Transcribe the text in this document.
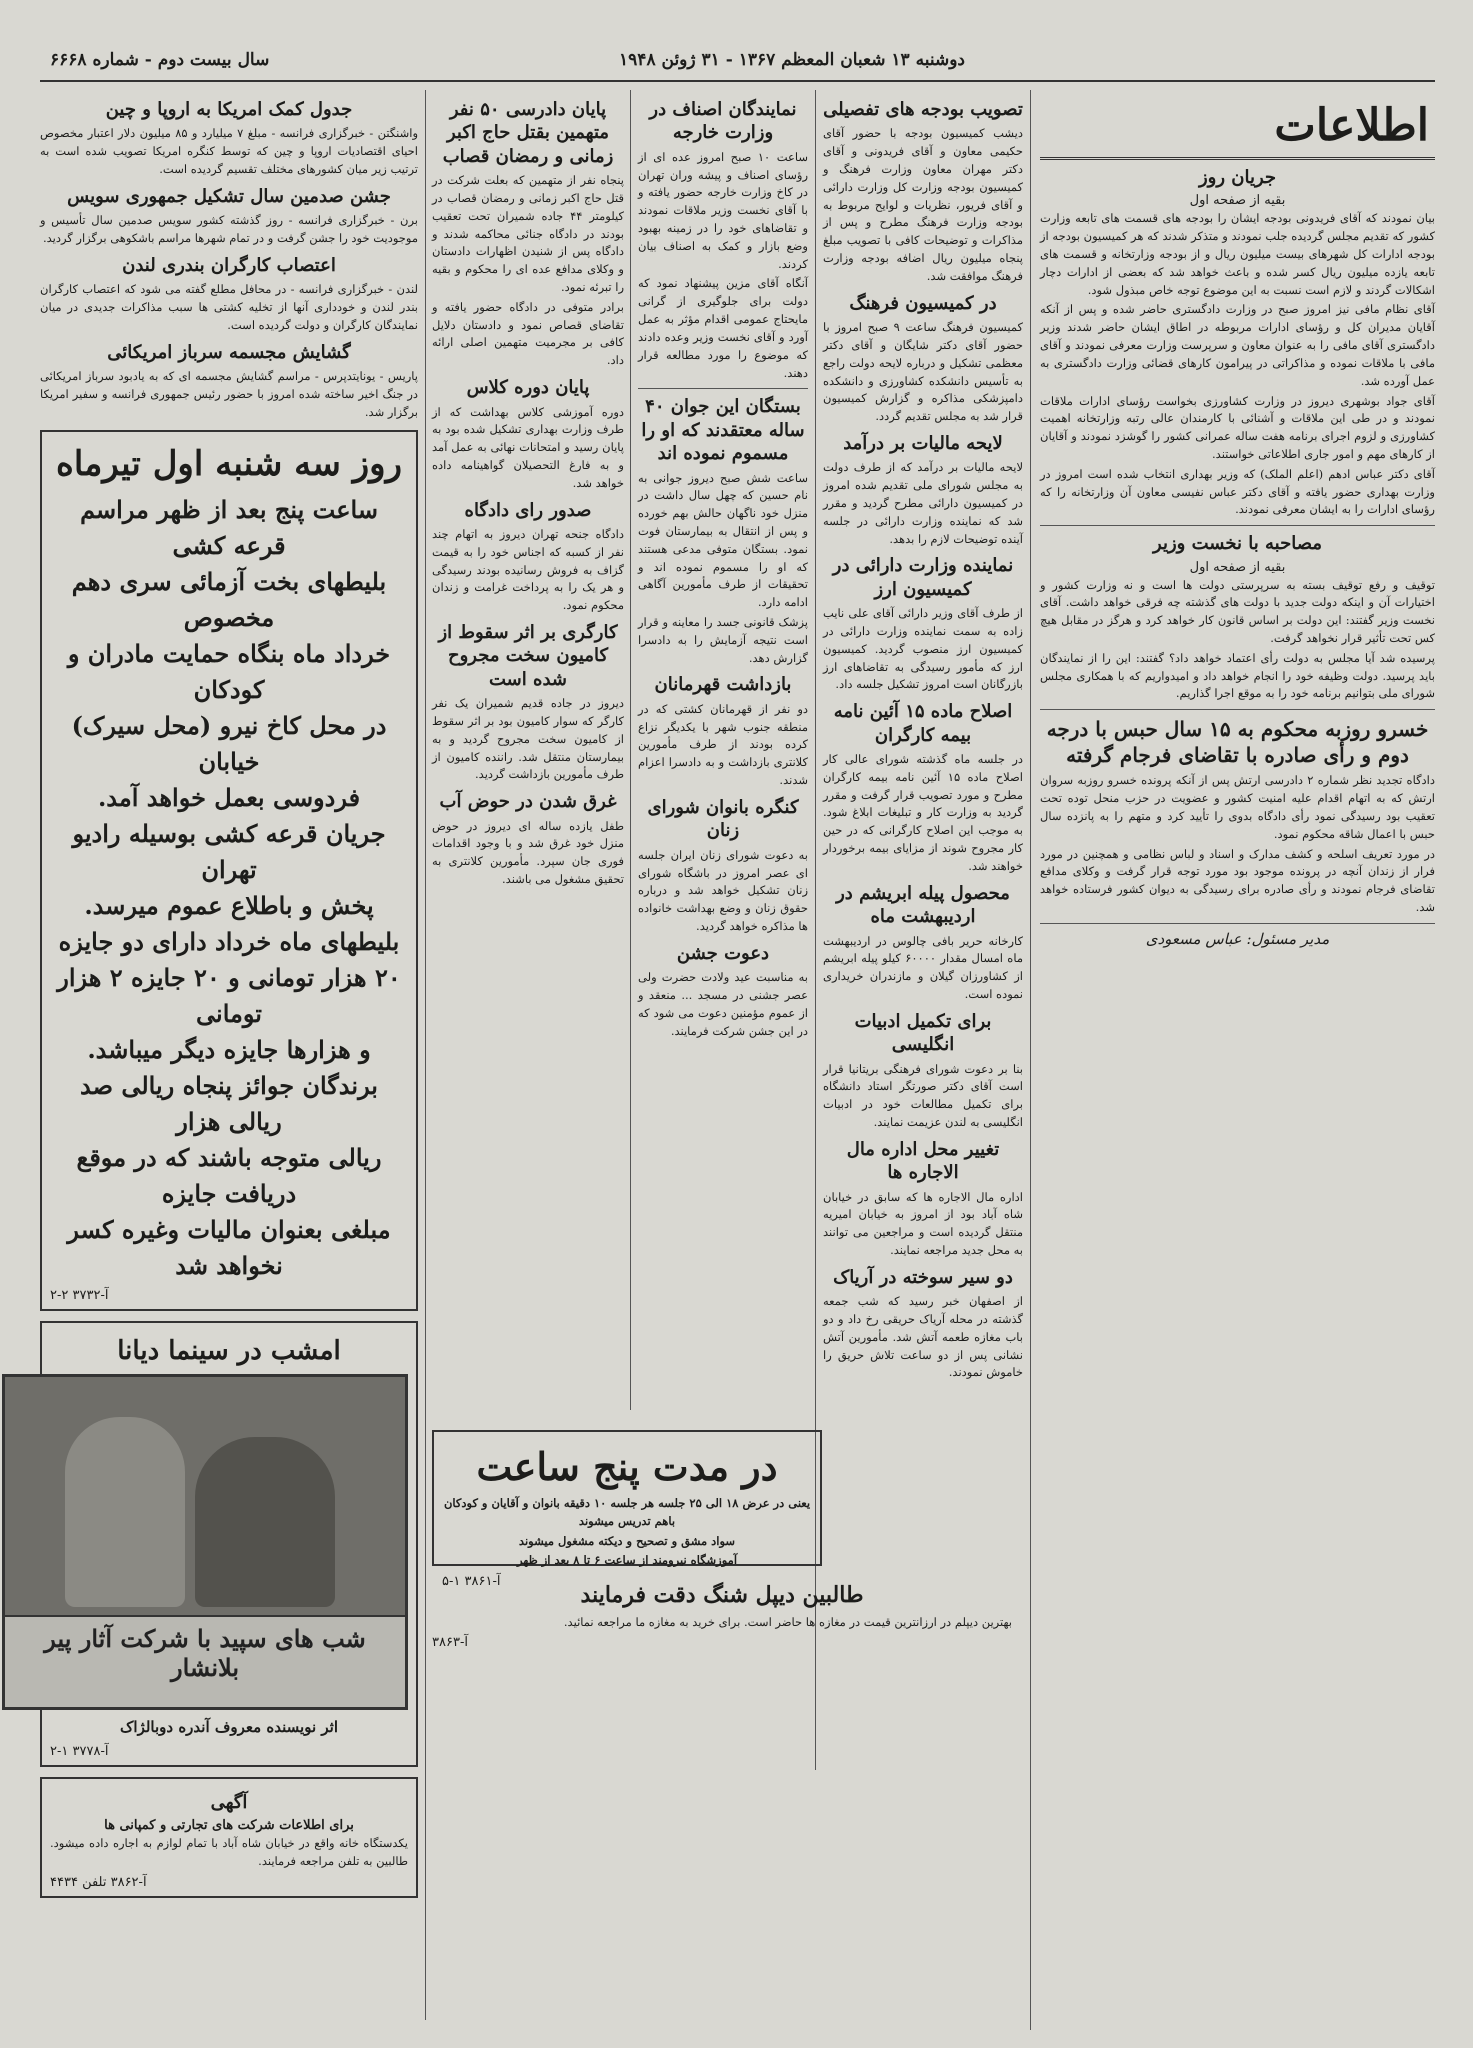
دوشنبه ۱۳ شعبان المعظم ۱۳۶۷ - ۳۱ ژوئن ۱۹۴۸
سال بیست دوم - شماره ۶۶۶۸
اطلاعات
جریان روز
بقیه از صفحه اول

بیان نمودند که آقای فریدونی بودجه ایشان را بودجه های قسمت های تابعه وزارت کشور که تقدیم مجلس گردیده جلب نمودند و متذکر شدند که هر کمیسیون بودجه از بودجه ادارات کل شهرهای بیست میلیون ریال و از بودجه وزارتخانه و قسمت های تابعه یازده میلیون ریال کسر شده و باعث خواهد شد که بعضی از ادارات دچار اشکالات گردند و لازم است نسبت به این موضوع توجه خاص مبذول شود.

آقای نظام مافی نیز امروز صبح در وزارت دادگستری حاضر شده و پس از آنکه آقایان مدیران کل و رؤسای ادارات مربوطه در اطاق ایشان حاضر شدند وزیر دادگستری آقای مافی را به عنوان معاون و سرپرست وزارت معرفی نمودند و آقای مافی با ملاقات نموده و مذاکراتی در پیرامون کارهای قضائی وزارت دادگستری به عمل آورده شد.

آقای جواد بوشهری دیروز در وزارت کشاورزی بخواست رؤسای ادارات ملاقات نمودند و در طی این ملاقات و آشنائی با کارمندان عالی رتبه وزارتخانه اهمیت کشاورزی و لزوم اجرای برنامه هفت ساله عمرانی کشور را گوشزد نمودند و آقایان از کارهای مهم و امور جاری اطلاعاتی خواستند.

آقای دکتر عباس ادهم (اعلم الملک) که وزیر بهداری انتخاب شده است امروز در وزارت بهداری حضور یافته و آقای دکتر عباس نفیسی معاون آن وزارتخانه را که رؤسای ادارات را به ایشان معرفی نمودند.

مصاحبه با نخست وزیر
بقیه از صفحه اول

توقیف و رفع توقیف بسته به سرپرستی دولت ها است و نه وزارت کشور و اختیارات آن و اینکه دولت جدید با دولت های گذشته چه فرقی خواهد داشت. آقای نخست وزیر گفتند: این دولت بر اساس قانون کار خواهد کرد و هرگز در مقابل هیچ کس تحت تأثیر قرار نخواهد گرفت.

پرسیده شد آیا مجلس به دولت رأی اعتماد خواهد داد؟ گفتند: این را از نمایندگان باید پرسید. دولت وظیفه خود را انجام خواهد داد و امیدواریم که با همکاری مجلس شورای ملی بتوانیم برنامه خود را به موقع اجرا گذاریم.

خسرو روزبه محکوم به ۱۵ سال حبس با درجه دوم و رأی صادره با تقاضای فرجام گرفته

دادگاه تجدید نظر شماره ۲ دادرسی ارتش پس از آنکه پرونده خسرو روزبه سروان ارتش که به اتهام اقدام علیه امنیت کشور و عضویت در حزب منحل توده تحت تعقیب بود رسیدگی نمود رأی دادگاه بدوی را تأیید کرد و متهم را به پانزده سال حبس با اعمال شاقه محکوم نمود.

در مورد تعریف اسلحه و کشف مدارک و اسناد و لباس نظامی و همچنین در مورد فرار از زندان آنچه در پرونده موجود بود مورد توجه قرار گرفت و وکلای مدافع تقاضای فرجام نمودند و رأی صادره برای رسیدگی به دیوان کشور فرستاده خواهد شد.

مدیر مسئول: عباس مسعودی
تصویب بودجه های تفصیلی

دیشب کمیسیون بودجه با حضور آقای حکیمی معاون و آقای فریدونی و آقای دکتر مهران معاون وزارت فرهنگ و کمیسیون بودجه وزارت کل وزارت دارائی و آقای فریور، نظریات و لوایح مربوط به بودجه وزارت فرهنگ مطرح و پس از مذاکرات و توضیحات کافی با تصویب مبلغ پنجاه میلیون ریال اضافه بودجه وزارت فرهنگ موافقت شد.

در کمیسیون فرهنگ

کمیسیون فرهنگ ساعت ۹ صبح امروز با حضور آقای دکتر شایگان و آقای دکتر معظمی تشکیل و درباره لایحه دولت راجع به تأسیس دانشکده کشاورزی و دانشکده دامپزشکی مذاکره و گزارش کمیسیون قرار شد به مجلس تقدیم گردد.

لایحه مالیات بر درآمد

لایحه مالیات بر درآمد که از طرف دولت به مجلس شورای ملی تقدیم شده امروز در کمیسیون دارائی مطرح گردید و مقرر شد که نماینده وزارت دارائی در جلسه آینده توضیحات لازم را بدهد.

نماینده وزارت دارائی در کمیسیون ارز

از طرف آقای وزیر دارائی آقای علی نایب زاده به سمت نماینده وزارت دارائی در کمیسیون ارز منصوب گردید. کمیسیون ارز که مأمور رسیدگی به تقاضاهای ارز بازرگانان است امروز تشکیل جلسه داد.

اصلاح ماده ۱۵ آئین نامه بیمه کارگران

در جلسه ماه گذشته شورای عالی کار اصلاح ماده ۱۵ آئین نامه بیمه کارگران مطرح و مورد تصویب قرار گرفت و مقرر گردید به وزارت کار و تبلیغات ابلاغ شود. به موجب این اصلاح کارگرانی که در حین کار مجروح شوند از مزایای بیمه برخوردار خواهند شد.

محصول پیله ابریشم در اردیبهشت ماه

کارخانه حریر بافی چالوس در اردیبهشت ماه امسال مقدار ۶۰۰۰۰ کیلو پیله ابریشم از کشاورزان گیلان و مازندران خریداری نموده است.

برای تکمیل ادبیات انگلیسی

بنا بر دعوت شورای فرهنگی بریتانیا قرار است آقای دکتر صورتگر استاد دانشگاه برای تکمیل مطالعات خود در ادبیات انگلیسی به لندن عزیمت نمایند.

تغییر محل اداره مال الاجاره ها

اداره مال الاجاره ها که سابق در خیابان شاه آباد بود از امروز به خیابان امیریه منتقل گردیده است و مراجعین می توانند به محل جدید مراجعه نمایند.

دو سیر سوخته در آریاک

از اصفهان خبر رسید که شب جمعه گذشته در محله آریاک حریقی رخ داد و دو باب مغازه طعمه آتش شد. مأمورین آتش نشانی پس از دو ساعت تلاش حریق را خاموش نمودند.

نمایندگان اصناف در وزارت خارجه

ساعت ۱۰ صبح امروز عده ای از رؤسای اصناف و پیشه وران تهران در کاخ وزارت خارجه حضور یافته و با آقای نخست وزیر ملاقات نمودند و تقاضاهای خود را در زمینه بهبود وضع بازار و کمک به اصناف بیان کردند.

آنگاه آقای مزین پیشنهاد نمود که دولت برای جلوگیری از گرانی مایحتاج عمومی اقدام مؤثر به عمل آورد و آقای نخست وزیر وعده دادند که موضوع را مورد مطالعه قرار دهند.

بستگان این جوان ۴۰ ساله معتقدند که او را مسموم نموده اند

ساعت شش صبح دیروز جوانی به نام حسین که چهل سال داشت در منزل خود ناگهان حالش بهم خورده و پس از انتقال به بیمارستان فوت نمود. بستگان متوفی مدعی هستند که او را مسموم نموده اند و تحقیقات از طرف مأمورین آگاهی ادامه دارد.

پزشک قانونی جسد را معاینه و قرار است نتیجه آزمایش را به دادسرا گزارش دهد.

بازداشت قهرمانان

دو نفر از قهرمانان کشتی که در منطقه جنوب شهر با یکدیگر نزاع کرده بودند از طرف مأمورین کلانتری بازداشت و به دادسرا اعزام شدند.

کنگره بانوان شورای زنان

به دعوت شورای زنان ایران جلسه ای عصر امروز در باشگاه شورای زنان تشکیل خواهد شد و درباره حقوق زنان و وضع بهداشت خانواده ها مذاکره خواهد گردید.

دعوت جشن

به مناسبت عید ولادت حضرت ولی عصر جشنی در مسجد ... منعقد و از عموم مؤمنین دعوت می شود که در این جشن شرکت فرمایند.

پایان دادرسی ۵۰ نفر متهمین بقتل حاج اکبر زمانی و رمضان قصاب

پنجاه نفر از متهمین که بعلت شرکت در قتل حاج اکبر زمانی و رمضان قصاب در کیلومتر ۴۴ جاده شمیران تحت تعقیب بودند در دادگاه جنائی محاکمه شدند و دادگاه پس از شنیدن اظهارات دادستان و وکلای مدافع عده ای را محکوم و بقیه را تبرئه نمود.

برادر متوفی در دادگاه حضور یافته و تقاضای قصاص نمود و دادستان دلایل کافی بر مجرمیت متهمین اصلی ارائه داد.

پایان دوره کلاس

دوره آموزشی کلاس بهداشت که از طرف وزارت بهداری تشکیل شده بود به پایان رسید و امتحانات نهائی به عمل آمد و به فارغ التحصیلان گواهینامه داده خواهد شد.

صدور رای دادگاه

دادگاه جنحه تهران دیروز به اتهام چند نفر از کسبه که اجناس خود را به قیمت گزاف به فروش رسانیده بودند رسیدگی و هر یک را به پرداخت غرامت و زندان محکوم نمود.

کارگری بر اثر سقوط از کامیون سخت مجروح شده است

دیروز در جاده قدیم شمیران یک نفر کارگر که سوار کامیون بود بر اثر سقوط از کامیون سخت مجروح گردید و به بیمارستان منتقل شد. راننده کامیون از طرف مأمورین بازداشت گردید.

غرق شدن در حوض آب

طفل یازده ساله ای دیروز در حوض منزل خود غرق شد و با وجود اقدامات فوری جان سپرد. مأمورین کلانتری به تحقیق مشغول می باشند.

در مدت پنج ساعت

یعنی در عرض ۱۸ الی ۲۵ جلسه هر جلسه ۱۰ دقیقه بانوان و آقایان و کودکان باهم تدریس میشوند

سواد مشق و تصحیح و دیکته مشغول میشوند

آموزشگاه نیرومند از ساعت ۶ تا ۸ بعد از ظهر

آ-۳۸۶۱ ۱-۵
طالبین دیپل شنگ دقت فرمایند

بهترین دیپلم در ارزانترین قیمت در مغازه ها حاضر است. برای خرید به مغازه ما مراجعه نمائید.

آ-۳۸۶۳
جدول کمک امریکا به اروپا و چین

واشنگتن - خبرگزاری فرانسه - مبلغ ۷ میلیارد و ۸۵ میلیون دلار اعتبار مخصوص احیای اقتصادیات اروپا و چین که توسط کنگره امریکا تصویب شده است به ترتیب زیر میان کشورهای مختلف تقسیم گردیده است.

جشن صدمین سال تشکیل جمهوری سویس

برن - خبرگزاری فرانسه - روز گذشته کشور سویس صدمین سال تأسیس و موجودیت خود را جشن گرفت و در تمام شهرها مراسم باشکوهی برگزار گردید.

اعتصاب کارگران بندری لندن

لندن - خبرگزاری فرانسه - در محافل مطلع گفته می شود که اعتصاب کارگران بندر لندن و خودداری آنها از تخلیه کشتی ها سبب مذاکرات جدیدی در میان نمایندگان کارگران و دولت گردیده است.

گشایش مجسمه سرباز امریکائی

پاریس - یونایتدپرس - مراسم گشایش مجسمه ای که به یادبود سرباز امریکائی در جنگ اخیر ساخته شده امروز با حضور رئیس جمهوری فرانسه و سفیر امریکا برگزار شد.

روز سه شنبه اول تیرماه

ساعت پنج بعد از ظهر مراسم قرعه کشی

بلیطهای بخت آزمائی سری دهم مخصوص

خرداد ماه بنگاه حمایت مادران و کودکان

در محل کاخ نیرو (محل سیرک) خیابان

فردوسی بعمل خواهد آمد.

جریان قرعه کشی بوسیله رادیو تهران

پخش و باطلاع عموم میرسد.

بلیطهای ماه خرداد دارای دو جایزه

۲۰ هزار تومانی و ۲۰ جایزه ۲ هزار تومانی

و هزارها جایزه دیگر میباشد.

برندگان جوائز پنجاه ریالی صد ریالی هزار

ریالی متوجه باشند که در موقع دریافت جایزه

مبلغی بعنوان مالیات وغیره کسر نخواهد شد

آ-۳۷۳۲ ۲-۲
امشب در سینما دیانا
شب های سپید با شرکت آثار پیر بلانشار

اثر نویسنده معروف آندره دوبالژاک

آ-۳۷۷۸ ۱-۲
آگهی
برای اطلاعات شرکت های تجارتی و کمپانی ها

یکدستگاه خانه واقع در خیابان شاه آباد با تمام لوازم به اجاره داده میشود. طالبین به تلفن مراجعه فرمایند.

آ-۳۸۶۲ تلفن ۴۴۳۴
